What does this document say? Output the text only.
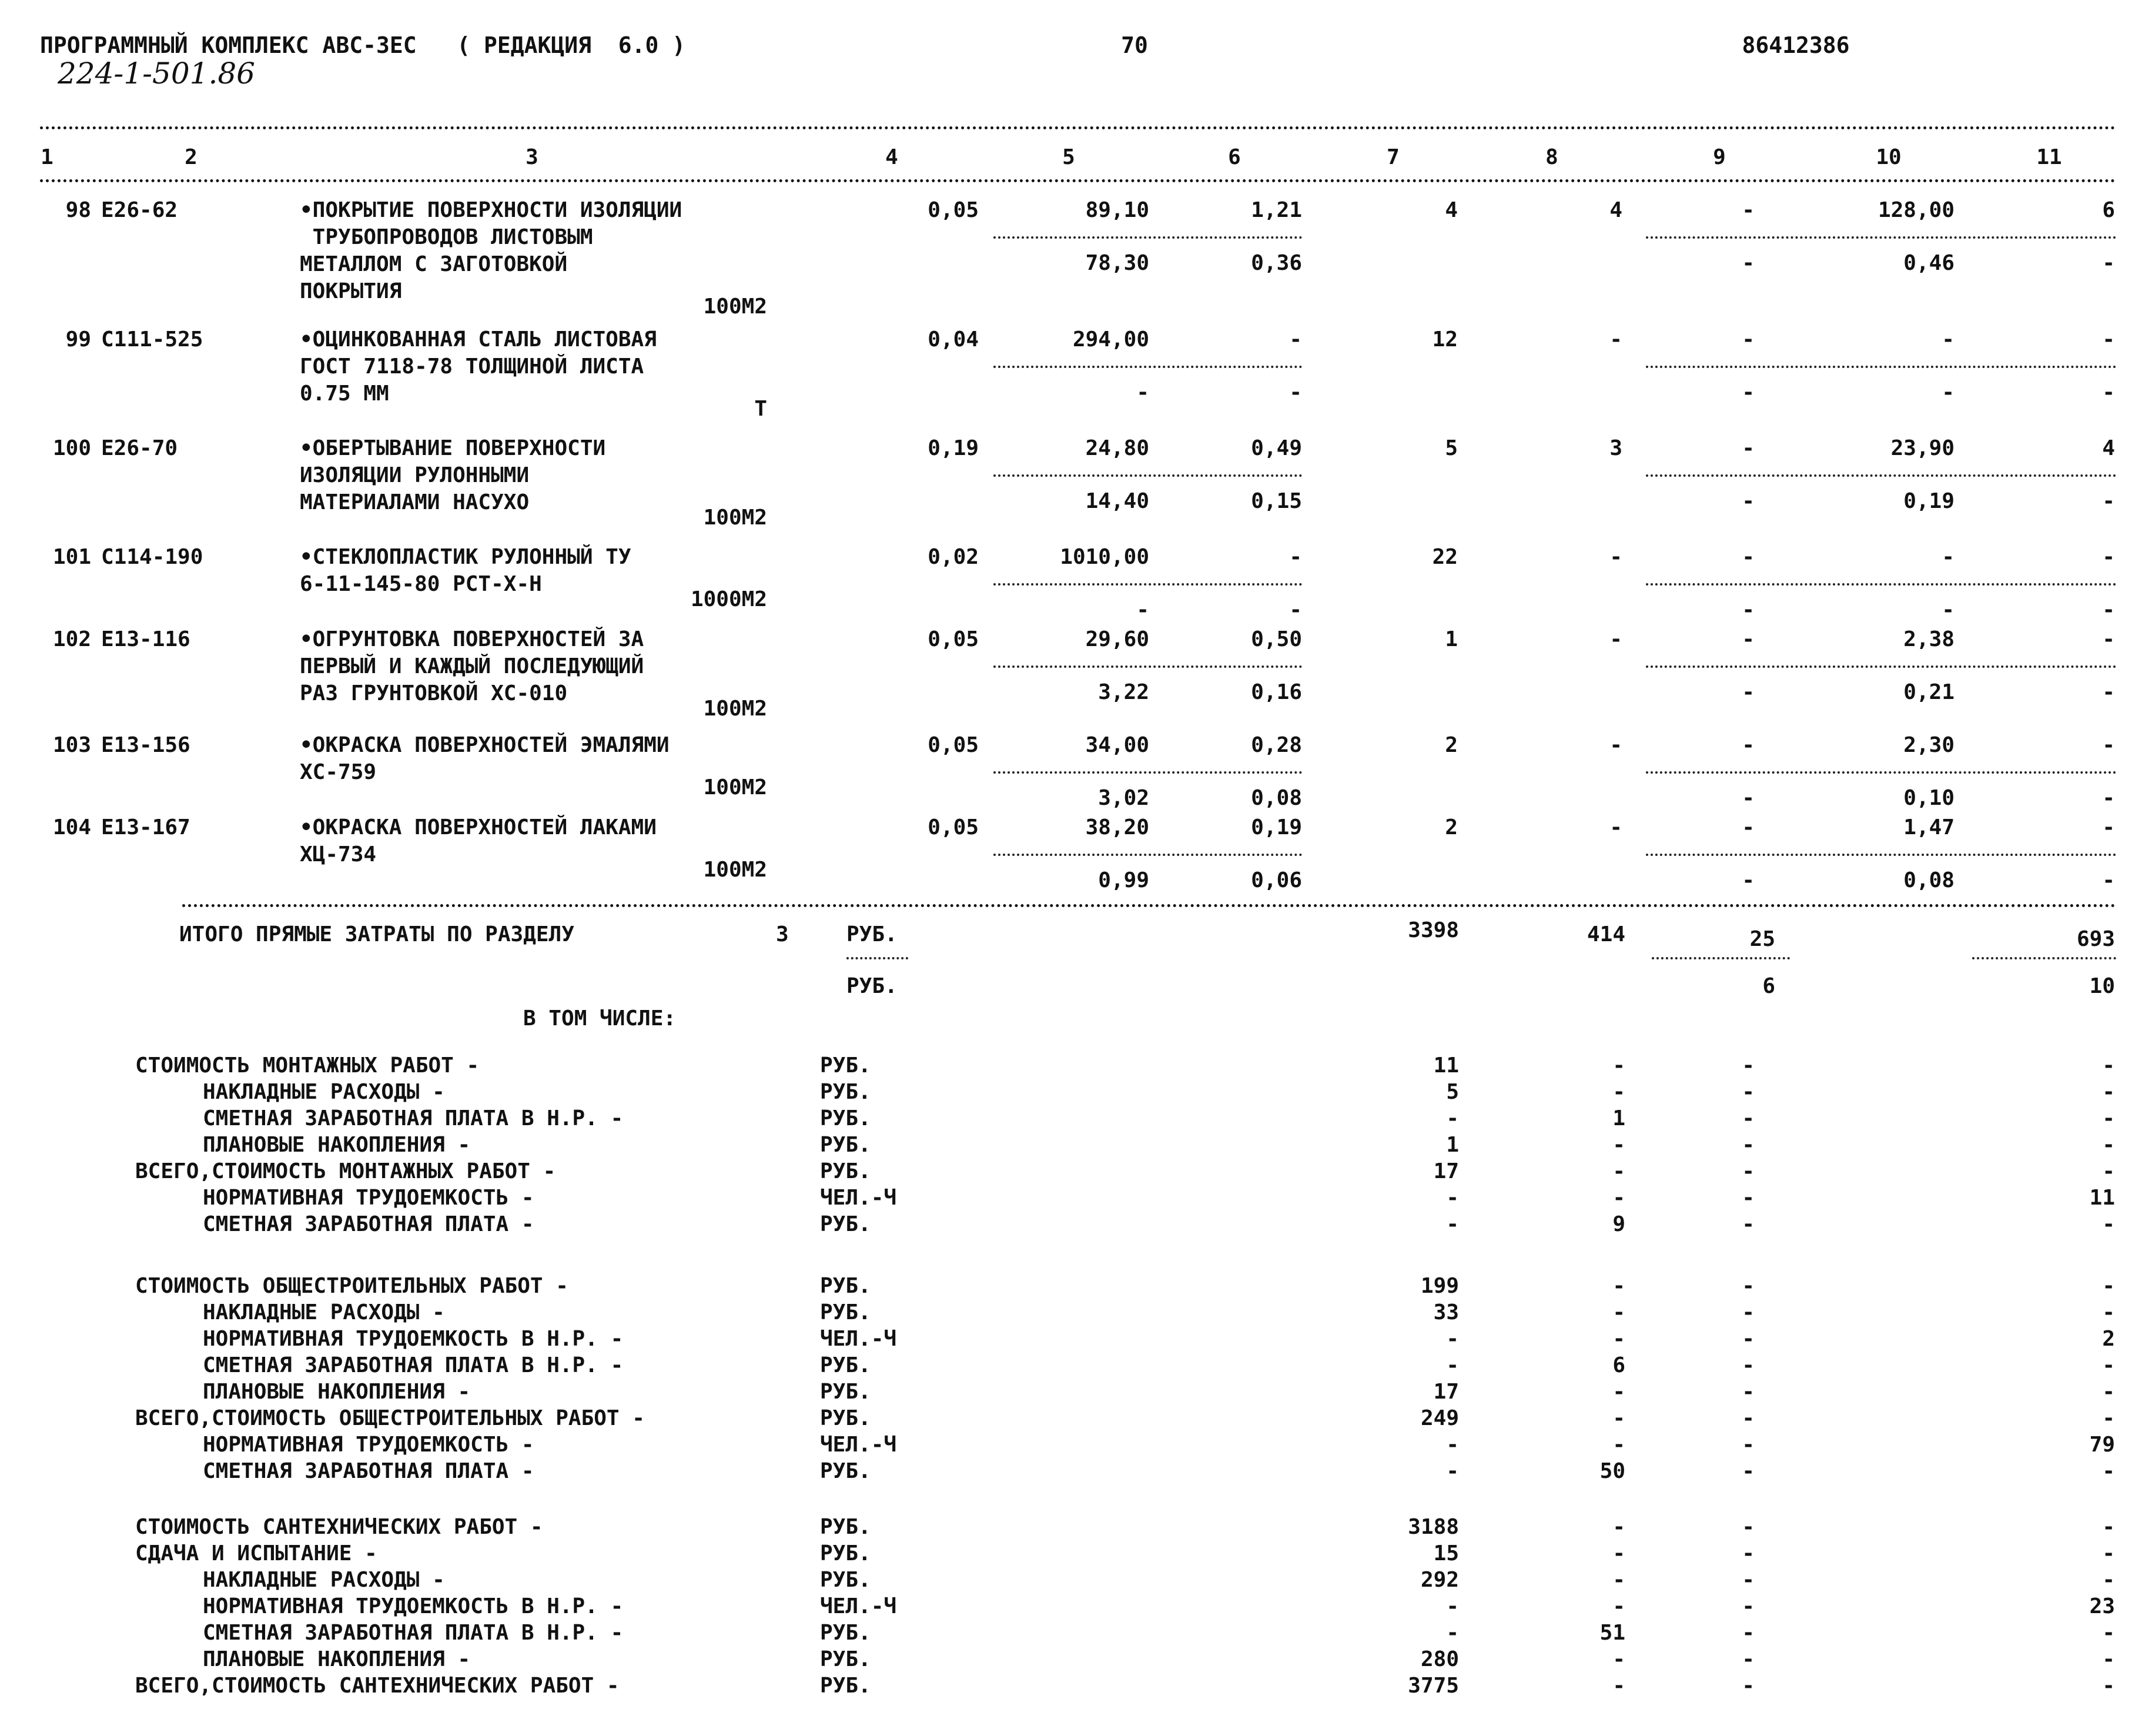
ПРОГРАММНЫЙ КОМПЛЕКС АВС-ЗЕС   ( РЕДАКЦИЯ  6.0 )	70	86412386
224-1-501.86
1	2	3	4	5	6	7	8	9	10	11
98 Е26-62	•ПОКРЫТИЕ ПОВЕРХНОСТИ ИЗОЛЯЦИИ
ТРУБОПРОВОДОВ ЛИСТОВЫМ
МЕТАЛЛОМ С ЗАГОТОВКОЙ
ПОКРЫТИЯ
100М2
0,05	89,10	1,21	4	4	-	128,00	6
78,30	0,36	-	0,46	-
99 С111-525	•ОЦИНКОВАННАЯ СТАЛЬ ЛИСТОВАЯ
ГОСТ 7118-78 ТОЛЩИНОЙ ЛИСТА
0.75 ММ
Т
0,04	294,00	-	12	-	-	-	-
-	-	-	-	-
100 Е26-70	•ОБЕРТЫВАНИЕ ПОВЕРХНОСТИ
ИЗОЛЯЦИИ РУЛОННЫМИ
МАТЕРИАЛАМИ НАСУХО
100М2
0,19	24,80	0,49	5	3	-	23,90	4
14,40	0,15	-	0,19	-
101 С114-190	•СТЕКЛОПЛАСТИК РУЛОННЫЙ ТУ
6-11-145-80 РСТ-Х-Н
1000М2
0,02	1010,00	-	22	-	-	-	-
-	-	-	-	-
102 Е13-116	•ОГРУНТОВКА ПОВЕРХНОСТЕЙ ЗА
ПЕРВЫЙ И КАЖДЫЙ ПОСЛЕДУЮЩИЙ
РАЗ ГРУНТОВКОЙ ХС-010
100М2
0,05	29,60	0,50	1	-	-	2,38	-
3,22	0,16	-	0,21	-
103 Е13-156	•ОКРАСКА ПОВЕРХНОСТЕЙ ЭМАЛЯМИ
ХС-759
100М2
0,05	34,00	0,28	2	-	-	2,30	-
3,02	0,08	-	0,10	-
104 Е13-167	•ОКРАСКА ПОВЕРХНОСТЕЙ ЛАКАМИ
ХЦ-734
100М2
0,05	38,20	0,19	2	-	-	1,47	-
0,99	0,06	-	0,08	-
ИТОГО ПРЯМЫЕ ЗАТРАТЫ ПО РАЗДЕЛУ	3	РУБ.	3398	414	25	693
РУБ.	6	10
В ТОМ ЧИСЛЕ:
СТОИМОСТЬ МОНТАЖНЫХ РАБОТ -	РУБ.	11	-	-	-
НАКЛАДНЫЕ РАСХОДЫ -	РУБ.	5	-	-	-
СМЕТНАЯ ЗАРАБОТНАЯ ПЛАТА В Н.Р. -	РУБ.	-	1	-	-
ПЛАНОВЫЕ НАКОПЛЕНИЯ -	РУБ.	1	-	-	-
ВСЕГО,СТОИМОСТЬ МОНТАЖНЫХ РАБОТ -	РУБ.	17	-	-	-
НОРМАТИВНАЯ ТРУДОЕМКОСТЬ -	ЧЕЛ.-Ч	-	-	-	11
СМЕТНАЯ ЗАРАБОТНАЯ ПЛАТА -	РУБ.	-	9	-	-
СТОИМОСТЬ ОБЩЕСТРОИТЕЛЬНЫХ РАБОТ -	РУБ.	199	-	-	-
НАКЛАДНЫЕ РАСХОДЫ -	РУБ.	33	-	-	-
НОРМАТИВНАЯ ТРУДОЕМКОСТЬ В Н.Р. -	ЧЕЛ.-Ч	-	-	-	2
СМЕТНАЯ ЗАРАБОТНАЯ ПЛАТА В Н.Р. -	РУБ.	-	6	-	-
ПЛАНОВЫЕ НАКОПЛЕНИЯ -	РУБ.	17	-	-	-
ВСЕГО,СТОИМОСТЬ ОБЩЕСТРОИТЕЛЬНЫХ РАБОТ -	РУБ.	249	-	-	-
НОРМАТИВНАЯ ТРУДОЕМКОСТЬ -	ЧЕЛ.-Ч	-	-	-	79
СМЕТНАЯ ЗАРАБОТНАЯ ПЛАТА -	РУБ.	-	50	-	-
СТОИМОСТЬ САНТЕХНИЧЕСКИХ РАБОТ -	РУБ.	3188	-	-	-
СДАЧА И ИСПЫТАНИЕ -	РУБ.	15	-	-	-
НАКЛАДНЫЕ РАСХОДЫ -	РУБ.	292	-	-	-
НОРМАТИВНАЯ ТРУДОЕМКОСТЬ В Н.Р. -	ЧЕЛ.-Ч	-	-	-	23
СМЕТНАЯ ЗАРАБОТНАЯ ПЛАТА В Н.Р. -	РУБ.	-	51	-	-
ПЛАНОВЫЕ НАКОПЛЕНИЯ -	РУБ.	280	-	-	-
ВСЕГО,СТОИМОСТЬ САНТЕХНИЧЕСКИХ РАБОТ -	РУБ.	3775	-	-	-
